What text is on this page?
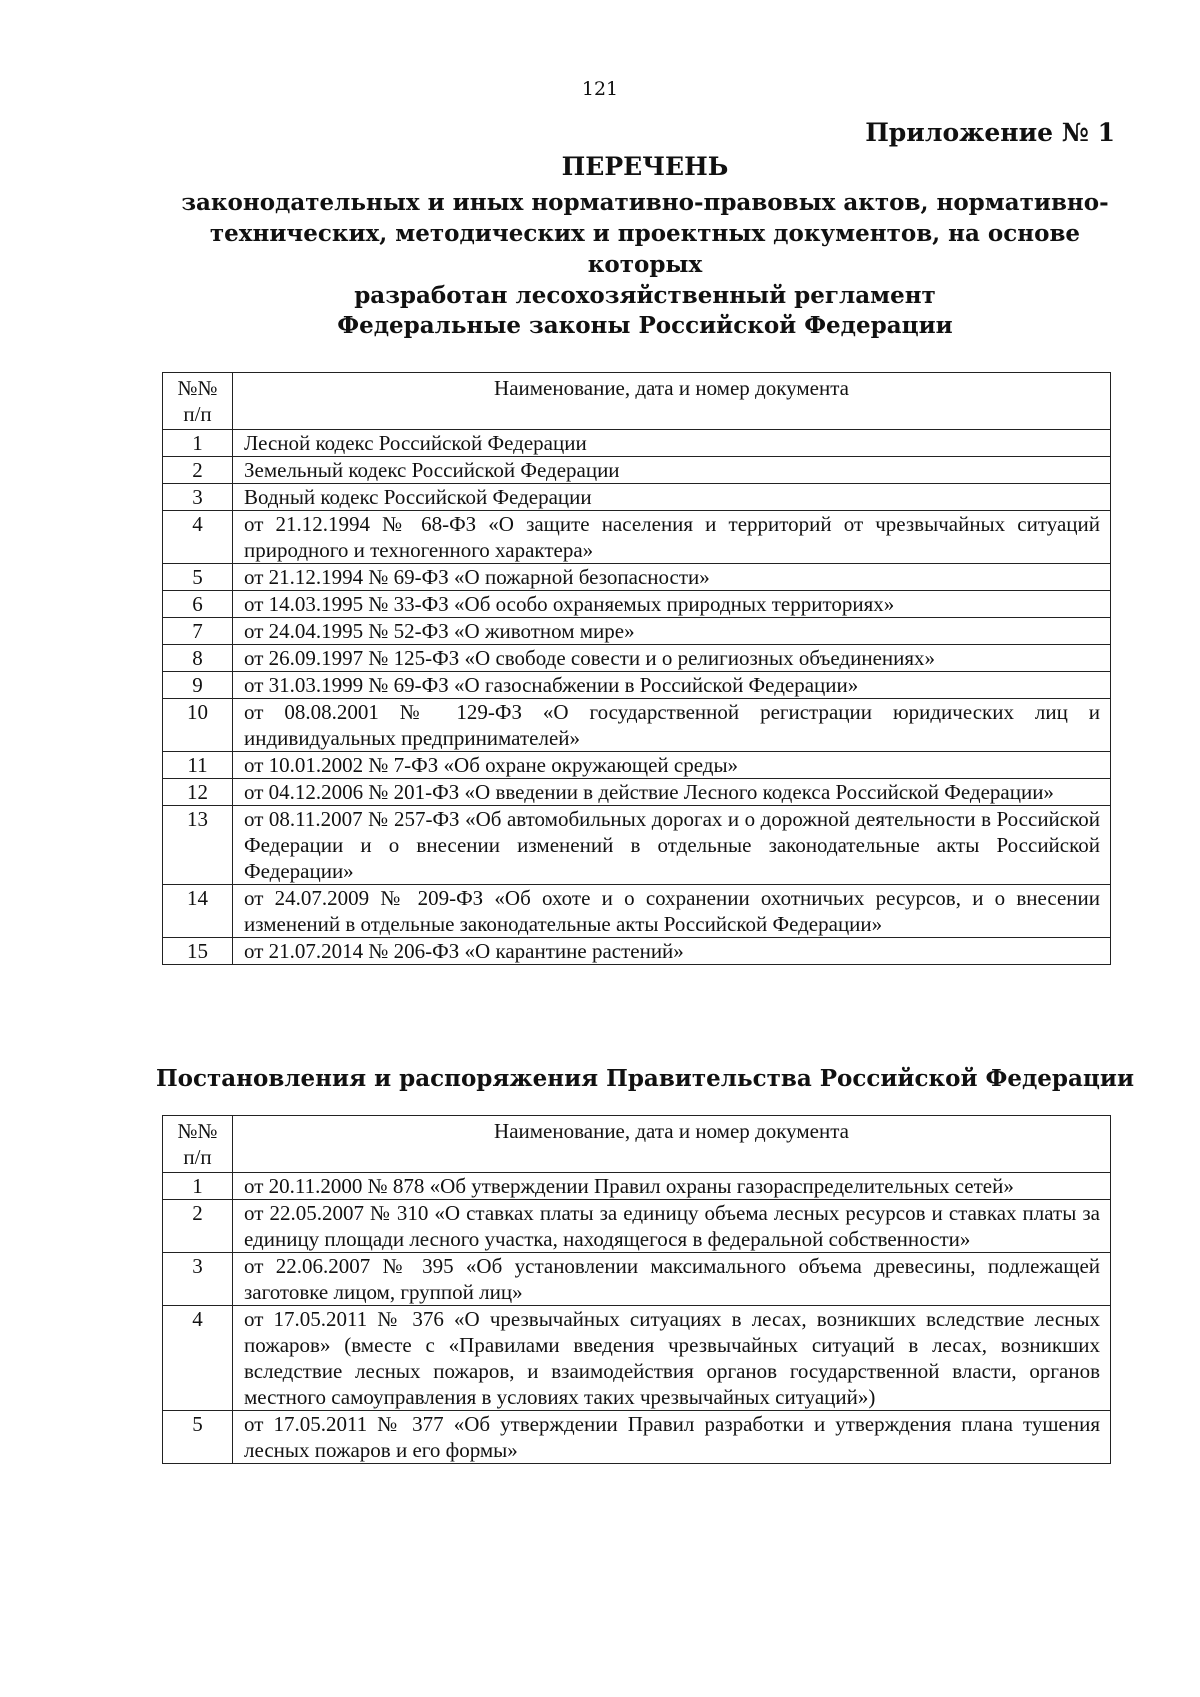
121
Приложение № 1
ПЕРЕЧЕНЬ
законодательных и иных нормативно-правовых актов, нормативно-
технических, методических и проектных документов, на основе которых
разработан лесохозяйственный регламент
Федеральные законы Российской Федерации
№№
п/п	Наименование, дата и номер документа
1	Лесной кодекс Российской Федерации
2	Земельный кодекс Российской Федерации
3	Водный кодекс Российской Федерации
4	от 21.12.1994 № 68-ФЗ «О защите населения и территорий от чрезвычайных ситуаций природного и техногенного характера»
5	от 21.12.1994 № 69-ФЗ «О пожарной безопасности»
6	от 14.03.1995 № 33-ФЗ «Об особо охраняемых природных территориях»
7	от 24.04.1995 № 52-ФЗ «О животном мире»
8	от 26.09.1997 № 125-ФЗ «О свободе совести и о религиозных объединениях»
9	от 31.03.1999 № 69-ФЗ «О газоснабжении в Российской Федерации»
10	от 08.08.2001 № 129-ФЗ «О государственной регистрации юридических лиц и индивидуальных предпринимателей»
11	от 10.01.2002 № 7-ФЗ «Об охране окружающей среды»
12	от 04.12.2006 № 201-ФЗ «О введении в действие Лесного кодекса Российской Федерации»
13	от 08.11.2007 № 257-ФЗ «Об автомобильных дорогах и о дорожной деятельности в Российской Федерации и о внесении изменений в отдельные законодательные акты Российской Федерации»
14	от 24.07.2009 № 209-ФЗ «Об охоте и о сохранении охотничьих ресурсов, и о внесении изменений в отдельные законодательные акты Российской Федерации»
15	от 21.07.2014 № 206-ФЗ «О карантине растений»
Постановления и распоряжения Правительства Российской Федерации
№№
п/п	Наименование, дата и номер документа
1	от 20.11.2000 № 878 «Об утверждении Правил охраны газораспределительных сетей»
2	от 22.05.2007 № 310 «О ставках платы за единицу объема лесных ресурсов и ставках платы за единицу площади лесного участка, находящегося в федеральной собственности»
3	от 22.06.2007 № 395 «Об установлении максимального объема древесины, подлежащей заготовке лицом, группой лиц»
4	от 17.05.2011 № 376 «О чрезвычайных ситуациях в лесах, возникших вследствие лесных пожаров» (вместе с «Правилами введения чрезвычайных ситуаций в лесах, возникших вследствие лесных пожаров, и взаимодействия органов государственной власти, органов местного самоуправления в условиях таких чрезвычайных ситуаций»)
5	от 17.05.2011 № 377 «Об утверждении Правил разработки и утверждения плана тушения лесных пожаров и его формы»
